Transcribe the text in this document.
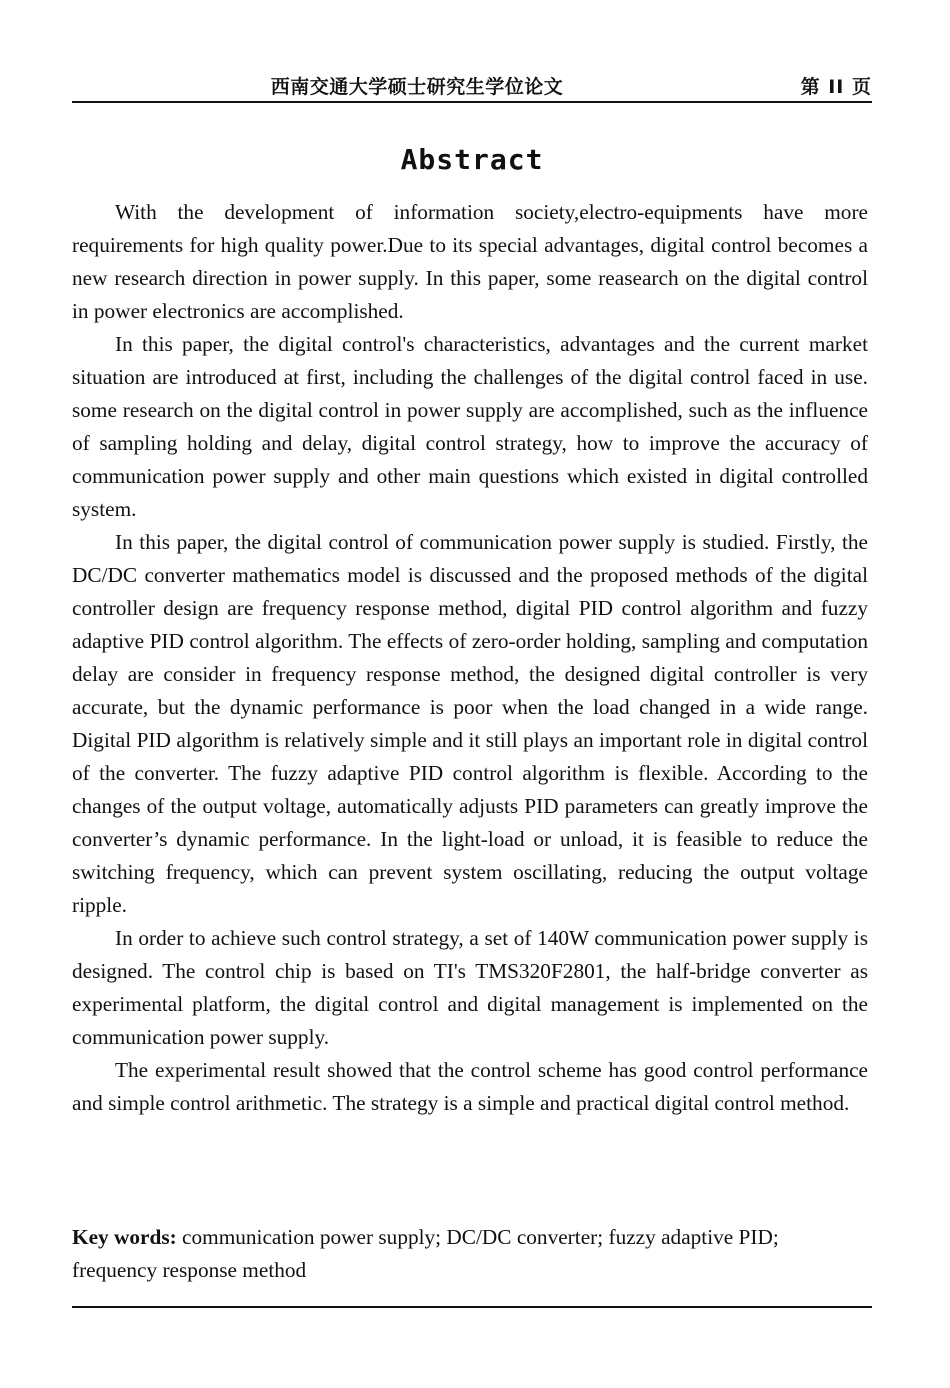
西南交通大学硕士研究生学位论文	第 II 页
Abstract

With the development of information society,electro-equipments have more requirements for high quality power.Due to its special advantages, digital control becomes a new research direction in power supply. In this paper, some reasearch on the digital control in power electronics are accomplished.

In this paper, the digital control's characteristics, advantages and the current market situation are introduced at first, including the challenges of the digital control faced in use. some research on the digital control in power supply are accomplished, such as the influence of sampling holding and delay, digital control strategy, how to improve the accuracy of communication power supply and other main questions which existed in digital controlled system.

In this paper, the digital control of communication power supply is studied. Firstly, the DC/DC converter mathematics model is discussed and the proposed methods of the digital controller design are frequency response method, digital PID control algorithm and fuzzy adaptive PID control algorithm. The effects of zero-order holding, sampling and computation delay are consider in frequency response method, the designed digital controller is very accurate, but the dynamic performance is poor when the load changed in a wide range. Digital PID algorithm is relatively simple and it still plays an important role in digital control of the converter. The fuzzy adaptive PID control algorithm is flexible. According to the changes of the output voltage, automatically adjusts PID parameters can greatly improve the converter’s dynamic performance. In the light-load or unload, it is feasible to reduce the switching frequency, which can prevent system oscillating, reducing the output voltage ripple.

In order to achieve such control strategy, a set of 140W communication power supply is designed. The control chip is based on TI's TMS320F2801, the half-bridge converter as experimental platform, the digital control and digital management is implemented on the communication power supply.

The experimental result showed that the control scheme has good control performance and simple control arithmetic. The strategy is a simple and practical digital control method.

Key words: communication power supply; DC/DC converter; fuzzy adaptive PID; frequency response method
